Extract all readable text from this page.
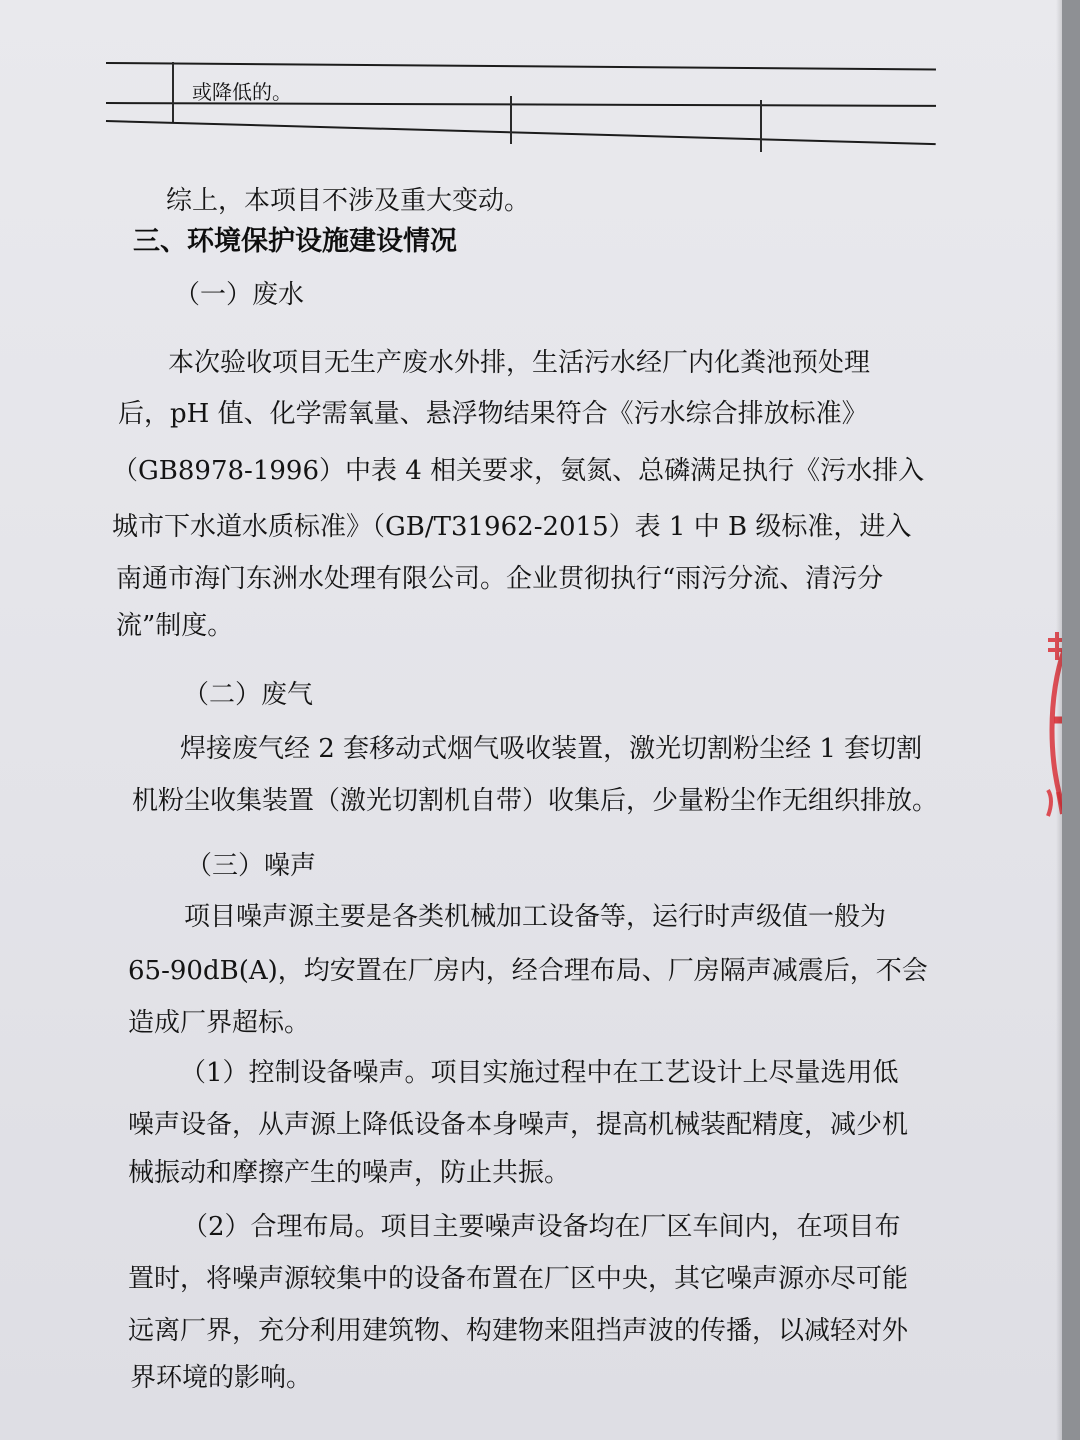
或降低的。
综上，本项目不涉及重大变动。
三、环境保护设施建设情况
（一）废水
本次验收项目无生产废水外排，生活污水经厂内化粪池预处理
后，pH 值、化学需氧量、悬浮物结果符合《污水综合排放标准》
（GB8978-1996）中表 4 相关要求，氨氮、总磷满足执行《污水排入
城市下水道水质标准》（GB/T31962-2015）表 1 中 B 级标准，进入
南通市海门东洲水处理有限公司。企业贯彻执行“雨污分流、清污分
流”制度。
（二）废气
焊接废气经 2 套移动式烟气吸收装置，激光切割粉尘经 1 套切割
机粉尘收集装置（激光切割机自带）收集后，少量粉尘作无组织排放。
（三）噪声
项目噪声源主要是各类机械加工设备等，运行时声级值一般为
65-90dB(A)，均安置在厂房内，经合理布局、厂房隔声减震后，不会
造成厂界超标。
（1）控制设备噪声。项目实施过程中在工艺设计上尽量选用低
噪声设备，从声源上降低设备本身噪声，提高机械装配精度，减少机
械振动和摩擦产生的噪声，防止共振。
（2）合理布局。项目主要噪声设备均在厂区车间内，在项目布
置时，将噪声源较集中的设备布置在厂区中央，其它噪声源亦尽可能
远离厂界，充分利用建筑物、构建物来阻挡声波的传播，以减轻对外
界环境的影响。
